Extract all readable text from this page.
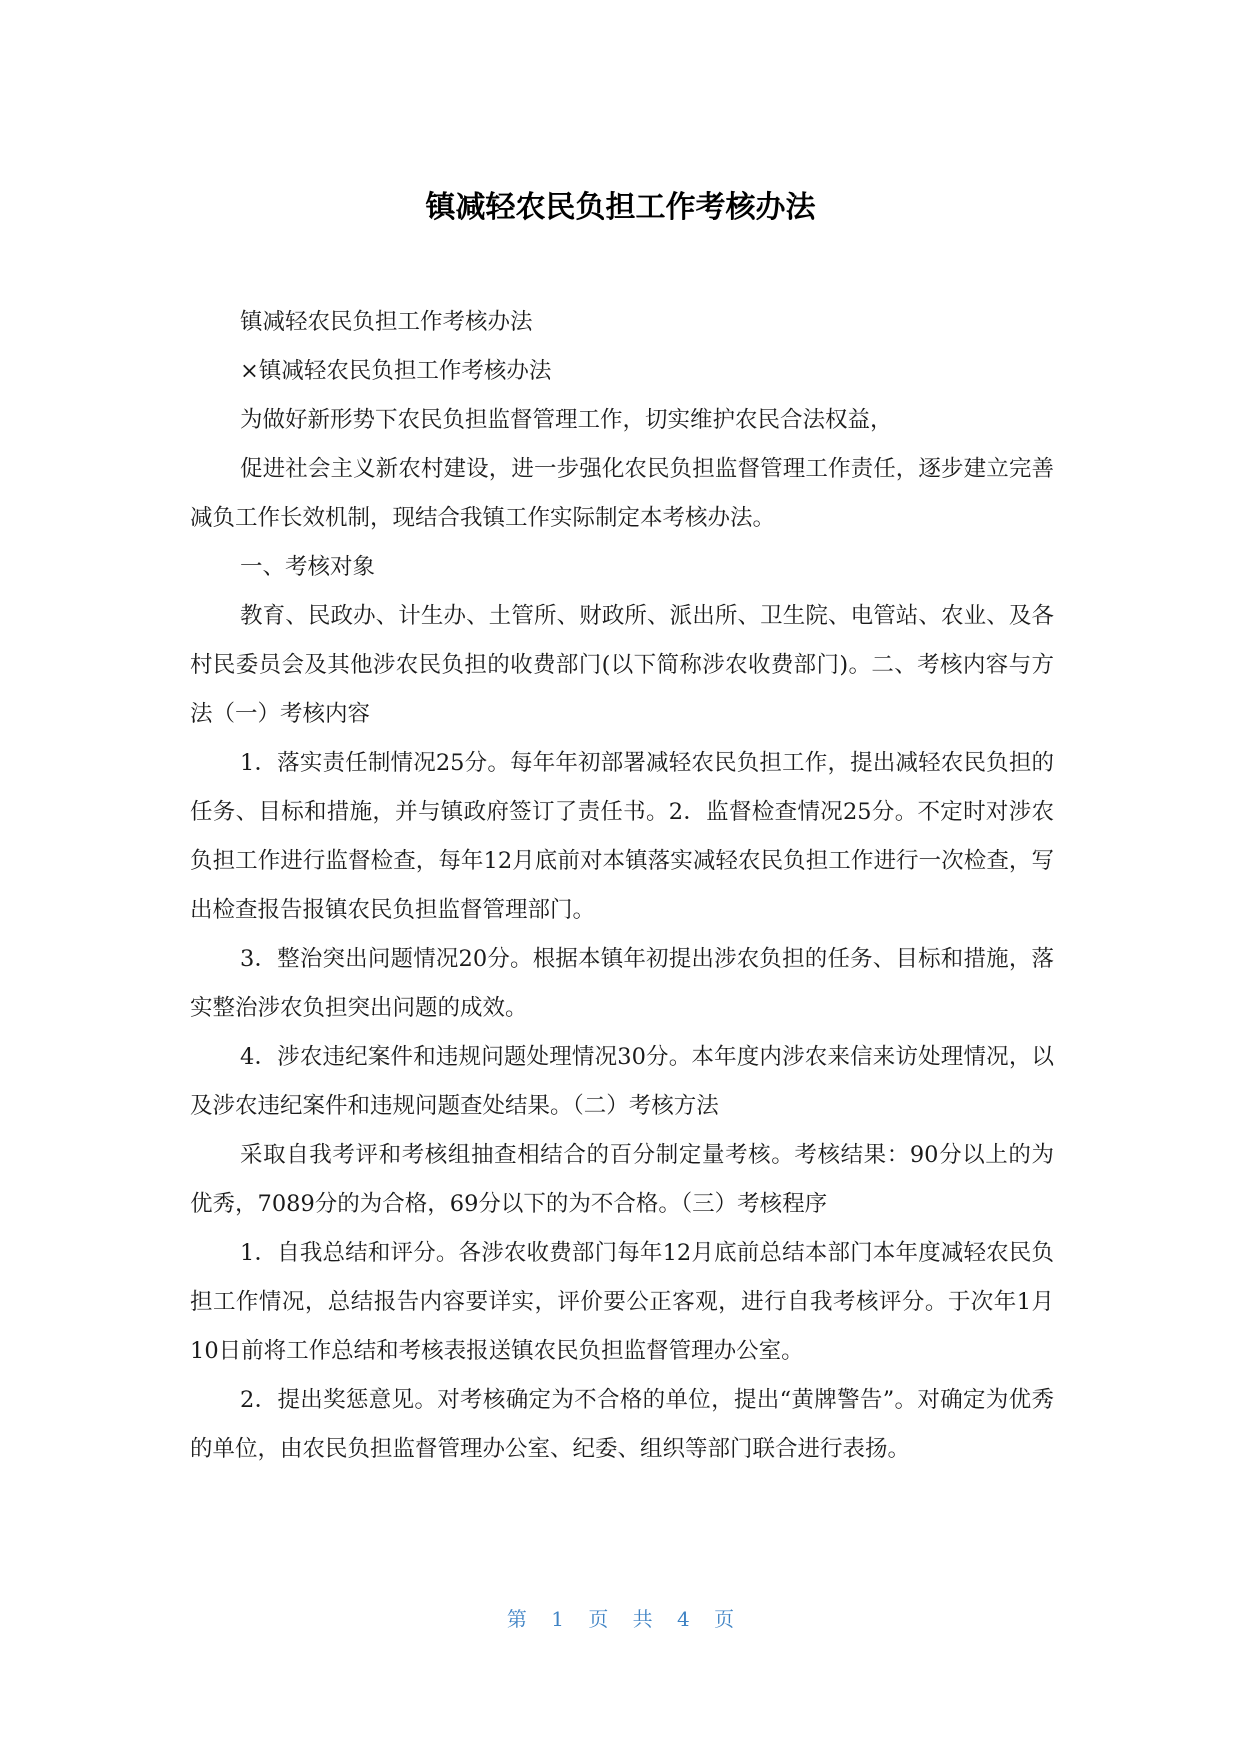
镇减轻农民负担工作考核办法

镇减轻农民负担工作考核办法

×镇减轻农民负担工作考核办法

为做好新形势下农民负担监督管理工作，切实维护农民合法权益，

促进社会主义新农村建设，进一步强化农民负担监督管理工作责任，逐步建立完善减负工作长效机制，现结合我镇工作实际制定本考核办法。

一、考核对象

教育、民政办、计生办、土管所、财政所、派出所、卫生院、电管站、农业、及各村民委员会及其他涉农民负担的收费部门(以下简称涉农收费部门)。二、考核内容与方法（一）考核内容

1．落实责任制情况25分。每年年初部署减轻农民负担工作，提出减轻农民负担的任务、目标和措施，并与镇政府签订了责任书。2．监督检查情况25分。不定时对涉农负担工作进行监督检查，每年12月底前对本镇落实减轻农民负担工作进行一次检查，写出检查报告报镇农民负担监督管理部门。

3．整治突出问题情况20分。根据本镇年初提出涉农负担的任务、目标和措施，落实整治涉农负担突出问题的成效。

4．涉农违纪案件和违规问题处理情况30分。本年度内涉农来信来访处理情况，以及涉农违纪案件和违规问题查处结果。（二）考核方法

采取自我考评和考核组抽查相结合的百分制定量考核。考核结果：90分以上的为优秀，7089分的为合格，69分以下的为不合格。（三）考核程序

1．自我总结和评分。各涉农收费部门每年12月底前总结本部门本年度减轻农民负担工作情况，总结报告内容要详实，评价要公正客观，进行自我考核评分。于次年1月10日前将工作总结和考核表报送镇农民负担监督管理办公室。

2．提出奖惩意见。对考核确定为不合格的单位，提出“黄牌警告”。对确定为优秀的单位，由农民负担监督管理办公室、纪委、组织等部门联合进行表扬。

第 1 页 共 4 页
